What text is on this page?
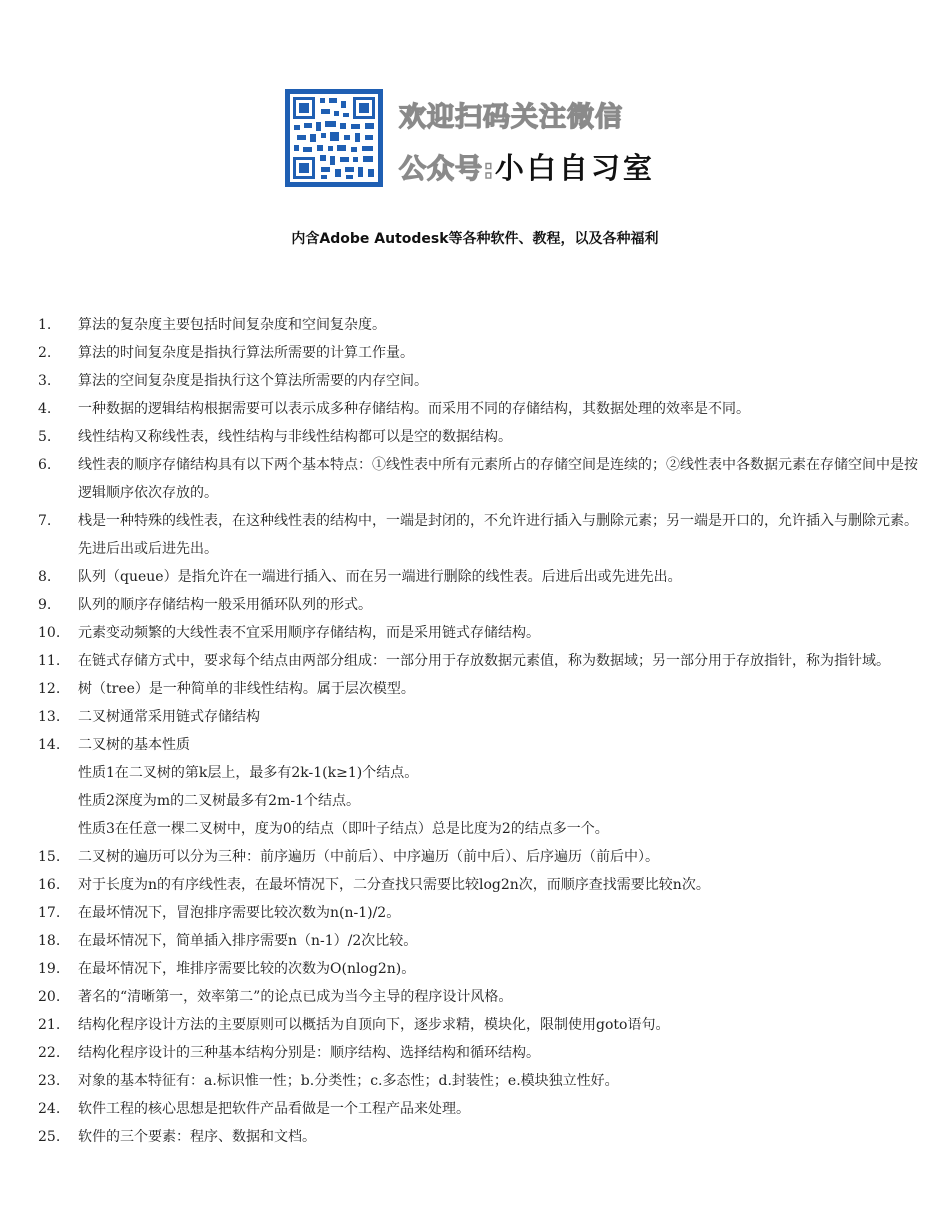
欢迎扫码关注微信
公众号:小白自习室
内含Adobe Autodesk等各种软件、教程，以及各种福利
1.	算法的复杂度主要包括时间复杂度和空间复杂度。
2.	算法的时间复杂度是指执行算法所需要的计算工作量。
3.	算法的空间复杂度是指执行这个算法所需要的内存空间。
4.	一种数据的逻辑结构根据需要可以表示成多种存储结构。而采用不同的存储结构，其数据处理的效率是不同。
5.	线性结构又称线性表，线性结构与非线性结构都可以是空的数据结构。
6.	线性表的顺序存储结构具有以下两个基本特点：①线性表中所有元素所占的存储空间是连续的；②线性表中各数据元素在存储空间中是按逻辑顺序依次存放的。
7.	栈是一种特殊的线性表，在这种线性表的结构中，一端是封闭的，不允许进行插入与删除元素；另一端是开口的，允许插入与删除元素。先进后出或后进先出。
8.	队列（queue）是指允许在一端进行插入、而在另一端进行删除的线性表。后进后出或先进先出。
9.	队列的顺序存储结构一般采用循环队列的形式。
10.	元素变动频繁的大线性表不宜采用顺序存储结构，而是采用链式存储结构。
11.	在链式存储方式中，要求每个结点由两部分组成：一部分用于存放数据元素值，称为数据域；另一部分用于存放指针，称为指针域。
12.	树（tree）是一种简单的非线性结构。属于层次模型。
13.	二叉树通常采用链式存储结构
14.	二叉树的基本性质
性质1在二叉树的第k层上，最多有2k-1(k≥1)个结点。
性质2深度为m的二叉树最多有2m-1个结点。
性质3在任意一棵二叉树中，度为0的结点（即叶子结点）总是比度为2的结点多一个。
15.	二叉树的遍历可以分为三种：前序遍历（中前后）、中序遍历（前中后）、后序遍历（前后中）。
16.	对于长度为n的有序线性表，在最坏情况下，二分查找只需要比较log2n次，而顺序查找需要比较n次。
17.	在最坏情况下，冒泡排序需要比较次数为n(n-1)/2。
18.	在最坏情况下，简单插入排序需要n（n-1）/2次比较。
19.	在最坏情况下，堆排序需要比较的次数为O(nlog2n)。
20.	著名的“清晰第一，效率第二”的论点已成为当今主导的程序设计风格。
21.	结构化程序设计方法的主要原则可以概括为自顶向下，逐步求精，模块化，限制使用goto语句。
22.	结构化程序设计的三种基本结构分别是：顺序结构、选择结构和循环结构。
23.	对象的基本特征有：a.标识惟一性；b.分类性；c.多态性；d.封装性；e.模块独立性好。
24.	软件工程的核心思想是把软件产品看做是一个工程产品来处理。
25.	软件的三个要素：程序、数据和文档。
